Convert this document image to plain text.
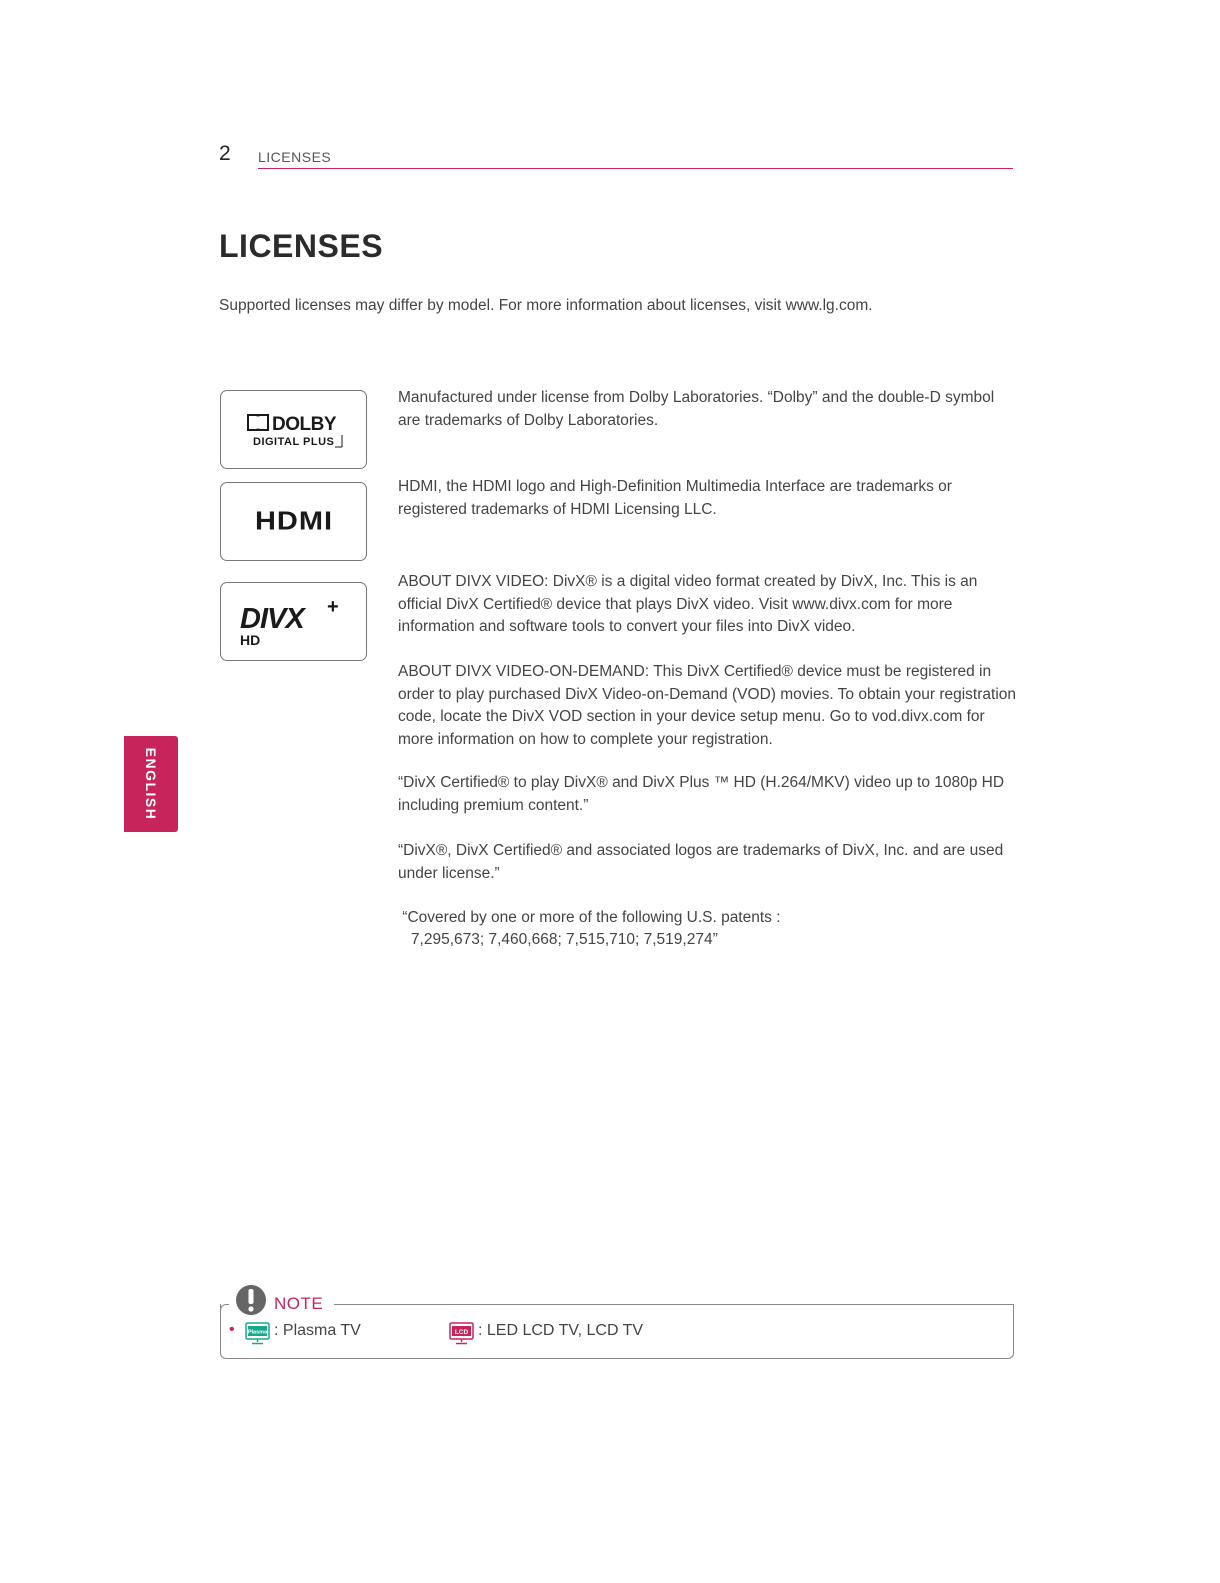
2 LICENSES
LICENSES
Supported licenses may differ by model. For more information about licenses, visit www.lg.com.
ENGLISH
DOLBY
DIGITAL PLUS
HDMI
DIVX +
HD

Manufactured under license from Dolby Laboratories. “Dolby” and the double-D symbol are trademarks of Dolby Laboratories.

HDMI, the HDMI logo and High-Definition Multimedia Interface are trademarks or registered trademarks of HDMI Licensing LLC.

ABOUT DIVX VIDEO: DivX® is a digital video format created by DivX, Inc. This is an official DivX Certified® device that plays DivX video. Visit www.divx.com for more information and software tools to convert your files into DivX video.

ABOUT DIVX VIDEO-ON-DEMAND: This DivX Certified® device must be registered in order to play purchased DivX Video-on-Demand (VOD) movies. To obtain your registration code, locate the DivX VOD section in your device setup menu. Go to vod.divx.com for more information on how to complete your registration.

“DivX Certified® to play DivX® and DivX Plus ™ HD (H.264/MKV) video up to 1080p HD including premium content.”

“DivX®, DivX Certified® and associated logos are trademarks of DivX, Inc. and are used under license.”

“Covered by one or more of the following U.S. patents :

7,295,673; 7,460,668; 7,515,710; 7,519,274”

NOTE
• Plasma : Plasma TV	LCD : LED LCD TV, LCD TV
